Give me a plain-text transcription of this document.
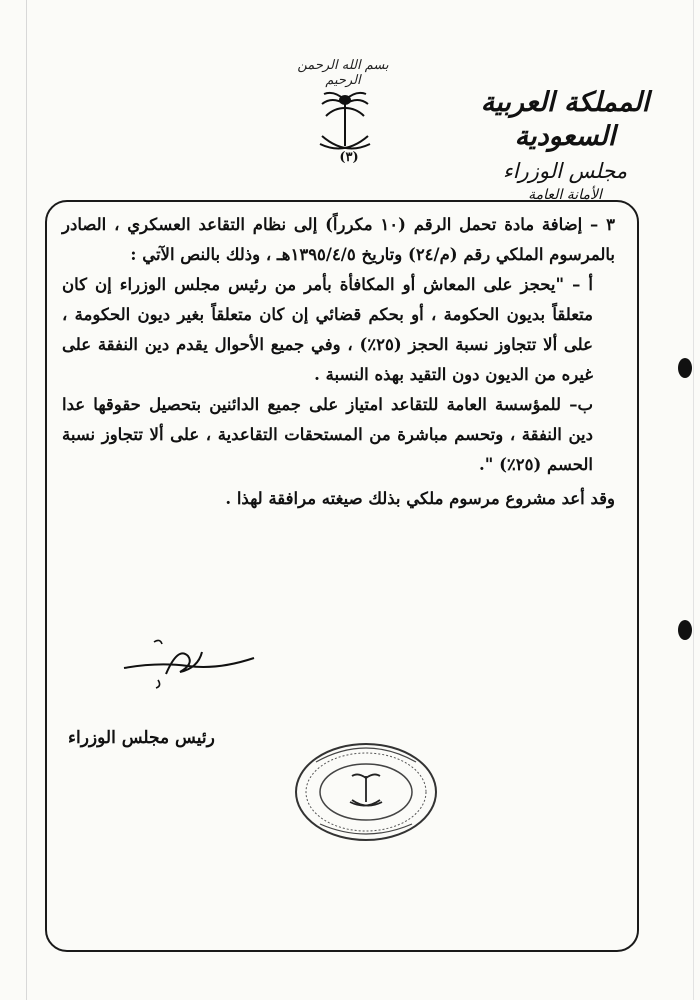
بسم الله الرحمن الرحيم
(٣)
المملكة العربية السعودية
مجلس الوزراء
الأمانة العامة

٣ – إضافة مادة تحمل الرقم (١٠ مكرراً) إلى نظام التقاعد العسكري ، الصادر بالمرسوم الملكي رقم (م/٢٤) وتاريخ ١٣٩٥/٤/٥هـ ، وذلك بالنص الآتي :

أ – "يحجز على المعاش أو المكافأة بأمر من رئيس مجلس الوزراء إن كان متعلقاً بديون الحكومة ، أو بحكم قضائي إن كان متعلقاً بغير ديون الحكومة ، على ألا تتجاوز نسبة الحجز (٢٥٪) ، وفي جميع الأحوال يقدم دين النفقة على غيره من الديون دون التقيد بهذه النسبة .

ب– للمؤسسة العامة للتقاعد امتياز على جميع الدائنين بتحصيل حقوقها عدا دين النفقة ، وتحسم مباشرة من المستحقات التقاعدية ، على ألا تتجاوز نسبة الحسم (٢٥٪) ".

وقد أعد مشروع مرسوم ملكي بذلك صيغته مرافقة لهذا .

رئيس مجلس الوزراء
